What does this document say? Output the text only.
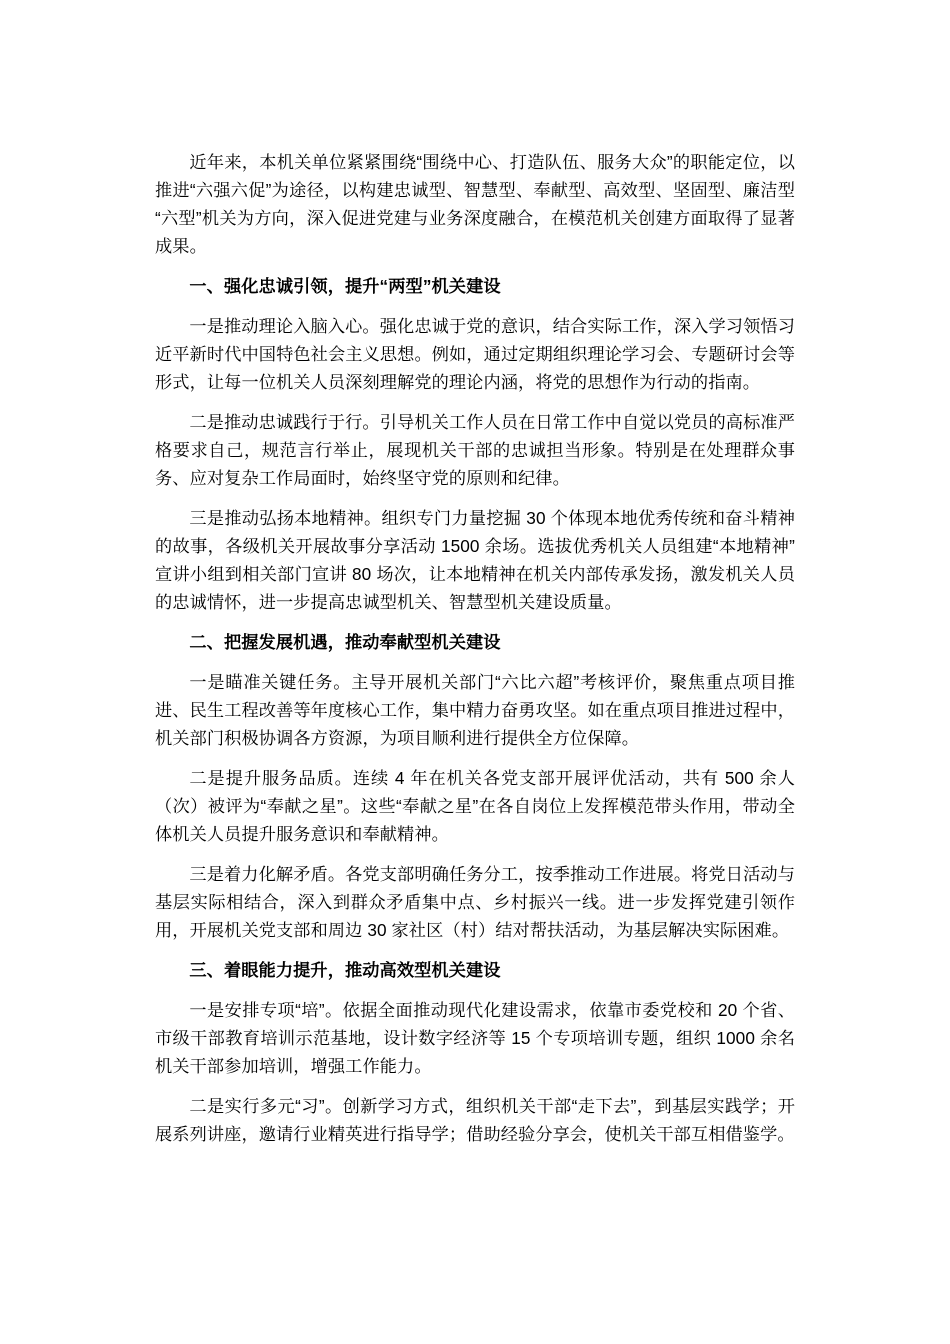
近年来，本机关单位紧紧围绕“围绕中心、打造队伍、服务大众”的职能定位，以推进“六强六促”为途径，以构建忠诚型、智慧型、奉献型、高效型、坚固型、廉洁型“六型”机关为方向，深入促进党建与业务深度融合，在模范机关创建方面取得了显著成果。

一、强化忠诚引领，提升“两型”机关建设

一是推动理论入脑入心。强化忠诚于党的意识，结合实际工作，深入学习领悟习近平新时代中国特色社会主义思想。例如，通过定期组织理论学习会、专题研讨会等形式，让每一位机关人员深刻理解党的理论内涵，将党的思想作为行动的指南。

二是推动忠诚践行于行。引导机关工作人员在日常工作中自觉以党员的高标准严格要求自己，规范言行举止，展现机关干部的忠诚担当形象。特别是在处理群众事务、应对复杂工作局面时，始终坚守党的原则和纪律。

三是推动弘扬本地精神。组织专门力量挖掘 30 个体现本地优秀传统和奋斗精神的故事，各级机关开展故事分享活动 1500 余场。选拔优秀机关人员组建“本地精神”宣讲小组到相关部门宣讲 80 场次，让本地精神在机关内部传承发扬，激发机关人员的忠诚情怀，进一步提高忠诚型机关、智慧型机关建设质量。

二、把握发展机遇，推动奉献型机关建设

一是瞄准关键任务。主导开展机关部门“六比六超”考核评价，聚焦重点项目推进、民生工程改善等年度核心工作，集中精力奋勇攻坚。如在重点项目推进过程中，机关部门积极协调各方资源，为项目顺利进行提供全方位保障。

二是提升服务品质。连续 4 年在机关各党支部开展评优活动，共有 500 余人（次）被评为“奉献之星”。这些“奉献之星”在各自岗位上发挥模范带头作用，带动全体机关人员提升服务意识和奉献精神。

三是着力化解矛盾。各党支部明确任务分工，按季推动工作进展。将党日活动与基层实际相结合，深入到群众矛盾集中点、乡村振兴一线。进一步发挥党建引领作用，开展机关党支部和周边 30 家社区（村）结对帮扶活动，为基层解决实际困难。

三、着眼能力提升，推动高效型机关建设

一是安排专项“培”。依据全面推动现代化建设需求，依靠市委党校和 20 个省、市级干部教育培训示范基地，设计数字经济等 15 个专项培训专题，组织 1000 余名机关干部参加培训，增强工作能力。

二是实行多元“习”。创新学习方式，组织机关干部“走下去”，到基层实践学；开展系列讲座，邀请行业精英进行指导学；借助经验分享会，使机关干部互相借鉴学。
